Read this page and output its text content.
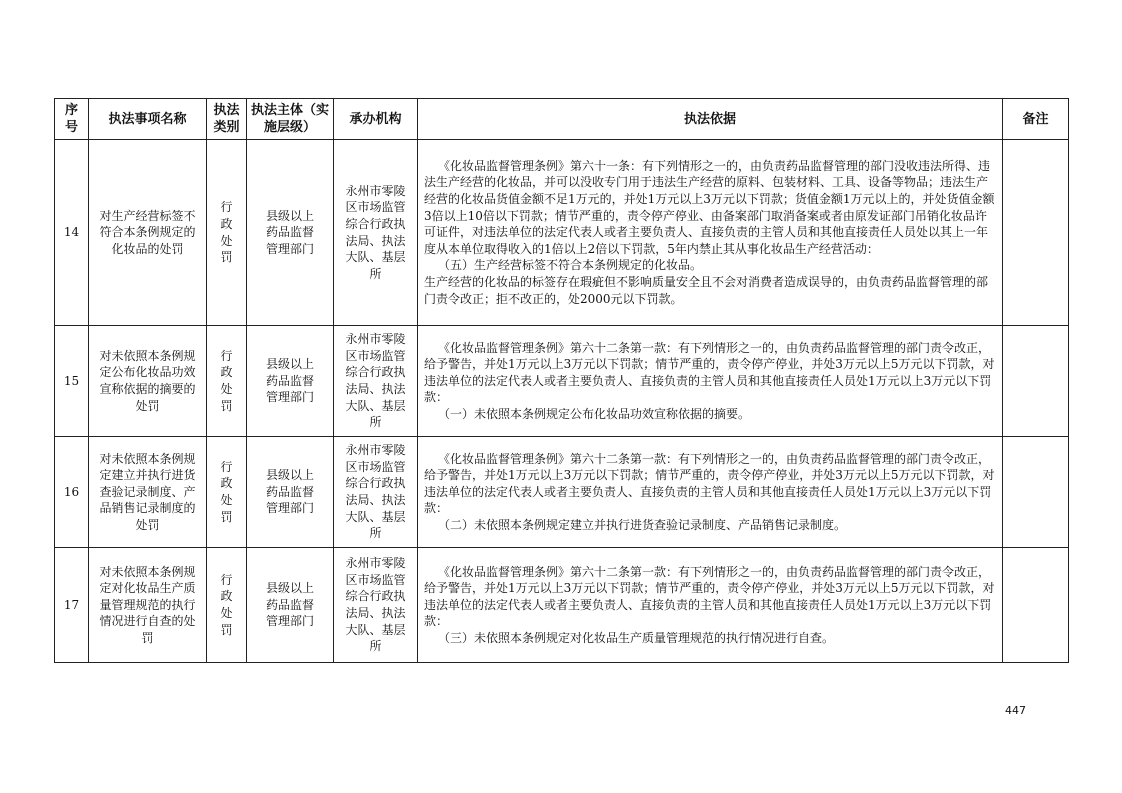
序号	执法事项名称	执法类别	执法主体（实施层级）	承办机构	执法依据	备注
14	对生产经营标签不符合本条例规定的化妆品的处罚	行政处罚	县级以上药品监督管理部门	永州市零陵区市场监管综合行政执法局、执法大队、基层所	《化妆品监督管理条例》第六十一条：有下列情形之一的，由负责药品监督管理的部门没收违法所得、违法生产经营的化妆品，并可以没收专门用于违法生产经营的原料、包装材料、工具、设备等物品；违法生产经营的化妆品货值金额不足1万元的，并处1万元以上3万元以下罚款；货值金额1万元以上的，并处货值金额3倍以上10倍以下罚款；情节严重的，责令停产停业、由备案部门取消备案或者由原发证部门吊销化妆品许可证件，对违法单位的法定代表人或者主要负责人、直接负责的主管人员和其他直接责任人员处以其上一年度从本单位取得收入的1倍以上2倍以下罚款，5年内禁止其从事化妆品生产经营活动：
（五）生产经营标签不符合本条例规定的化妆品。
生产经营的化妆品的标签存在瑕疵但不影响质量安全且不会对消费者造成误导的，由负责药品监督管理的部门责令改正；拒不改正的，处2000元以下罚款。	

15	对未依照本条例规定公布化妆品功效宣称依据的摘要的处罚	行政处罚	县级以上药品监督管理部门	永州市零陵区市场监管综合行政执法局、执法大队、基层所	《化妆品监督管理条例》第六十二条第一款：有下列情形之一的，由负责药品监督管理的部门责令改正，给予警告，并处1万元以上3万元以下罚款；情节严重的，责令停产停业，并处3万元以上5万元以下罚款，对违法单位的法定代表人或者主要负责人、直接负责的主管人员和其他直接责任人员处1万元以上3万元以下罚款：
（一）未依照本条例规定公布化妆品功效宣称依据的摘要。	

16	对未依照本条例规定建立并执行进货查验记录制度、产品销售记录制度的处罚	行政处罚	县级以上药品监督管理部门	永州市零陵区市场监管综合行政执法局、执法大队、基层所	《化妆品监督管理条例》第六十二条第一款：有下列情形之一的，由负责药品监督管理的部门责令改正，给予警告，并处1万元以上3万元以下罚款；情节严重的，责令停产停业，并处3万元以上5万元以下罚款，对违法单位的法定代表人或者主要负责人、直接负责的主管人员和其他直接责任人员处1万元以上3万元以下罚款：
（二）未依照本条例规定建立并执行进货查验记录制度、产品销售记录制度。	

17	对未依照本条例规定对化妆品生产质量管理规范的执行情况进行自查的处罚	行政处罚	县级以上药品监督管理部门	永州市零陵区市场监管综合行政执法局、执法大队、基层所	《化妆品监督管理条例》第六十二条第一款：有下列情形之一的，由负责药品监督管理的部门责令改正，给予警告，并处1万元以上3万元以下罚款；情节严重的，责令停产停业，并处3万元以上5万元以下罚款，对违法单位的法定代表人或者主要负责人、直接负责的主管人员和其他直接责任人员处1万元以上3万元以下罚款：
（三）未依照本条例规定对化妆品生产质量管理规范的执行情况进行自查。	

447
